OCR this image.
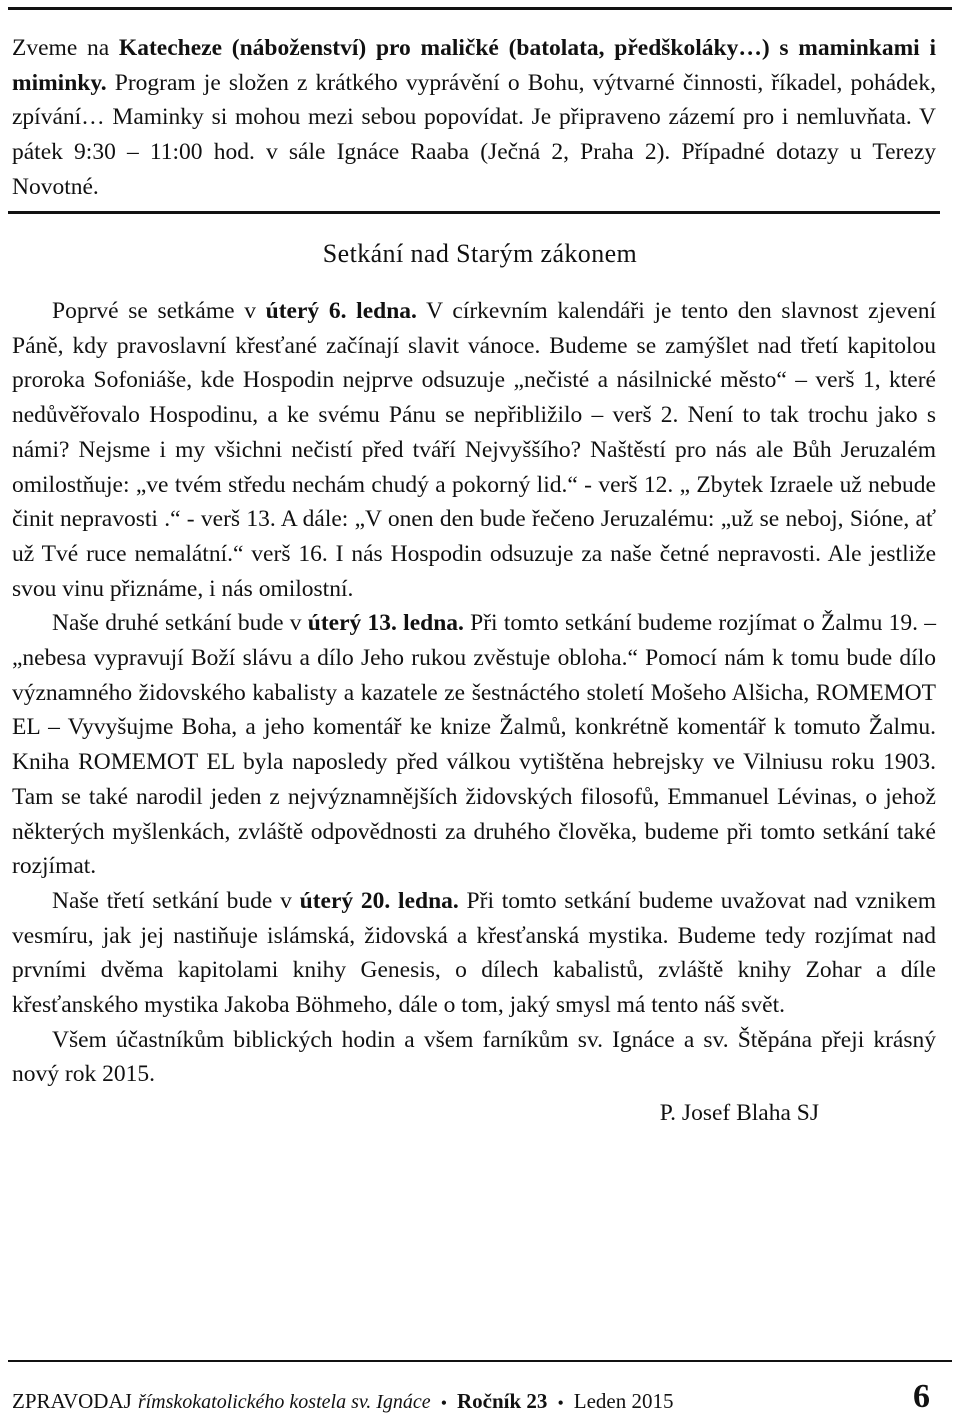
Zveme na Katecheze (náboženství) pro maličké (batolata, předškoláky…) s maminkami i miminky. Program je složen z krátkého vyprávění o Bohu, výtvarné činnosti, říkadel, pohádek, zpívání… Maminky si mohou mezi sebou popovídat. Je připraveno zázemí pro i nemluvňata. V pátek 9:30 – 11:00 hod. v sále Ignáce Raaba (Ječná 2, Praha 2). Případné dotazy u Terezy Novotné.

Setkání nad Starým zákonem

Poprvé se setkáme v úterý 6. ledna. V církevním kalendáři je tento den slavnost zjevení Páně, kdy pravoslavní křesťané začínají slavit vánoce. Budeme se zamýšlet nad třetí kapitolou proroka Sofoniáše, kde Hospodin nejprve odsuzuje „nečisté a násilnické město“ – verš 1, které nedůvěřovalo Hospodinu, a ke svému Pánu se nepřibližilo – verš 2. Není to tak trochu jako s námi? Nejsme i my všichni nečistí před tváří Nejvyššího? Naštěstí pro nás ale Bůh Jeruzalém omilostňuje: „ve tvém středu nechám chudý a pokorný lid.“ - verš 12. „ Zbytek Izraele už nebude činit nepravosti .“ - verš 13. A dále: „V onen den bude řečeno Jeruzalému: „už se neboj, Sióne, ať už Tvé ruce nemalátní.“ verš 16. I nás Hospodin odsuzuje za naše četné nepravosti. Ale jestliže svou vinu přiznáme, i nás omilostní.

Naše druhé setkání bude v úterý 13. ledna. Při tomto setkání budeme rozjímat o Žalmu 19. – „nebesa vypravují Boží slávu a dílo Jeho rukou zvěstuje obloha.“ Pomocí nám k tomu bude dílo významného židovského kabalisty a kazatele ze šestnáctého století Mošeho Alšicha, ROMEMOT EL – Vyvyšujme Boha, a jeho komentář ke knize Žalmů, konkrétně komentář k tomuto Žalmu. Kniha ROMEMOT EL byla naposledy před válkou vytištěna hebrejsky ve Vilniusu roku 1903. Tam se také narodil jeden z nejvýznamnějších židovských filosofů, Emmanuel Lévinas, o jehož některých myšlenkách, zvláště odpovědnosti za druhého člověka, budeme při tomto setkání také rozjímat.

Naše třetí setkání bude v úterý 20. ledna. Při tomto setkání budeme uvažovat nad vznikem vesmíru, jak jej nastiňuje islámská, židovská a křesťanská mystika. Budeme tedy rozjímat nad prvními dvěma kapitolami knihy Genesis, o dílech kabalistů, zvláště knihy Zohar a díle křesťanského mystika Jakoba Böhmeho, dále o tom, jaký smysl má tento náš svět.

Všem účastníkům biblických hodin a všem farníkům sv. Ignáce a sv. Štěpána přeji krásný nový rok 2015.

P. Josef Blaha SJ

ZPRAVODAJ římskokatolického kostela sv. Ignáce • Ročník 23 • Leden 2015	6
